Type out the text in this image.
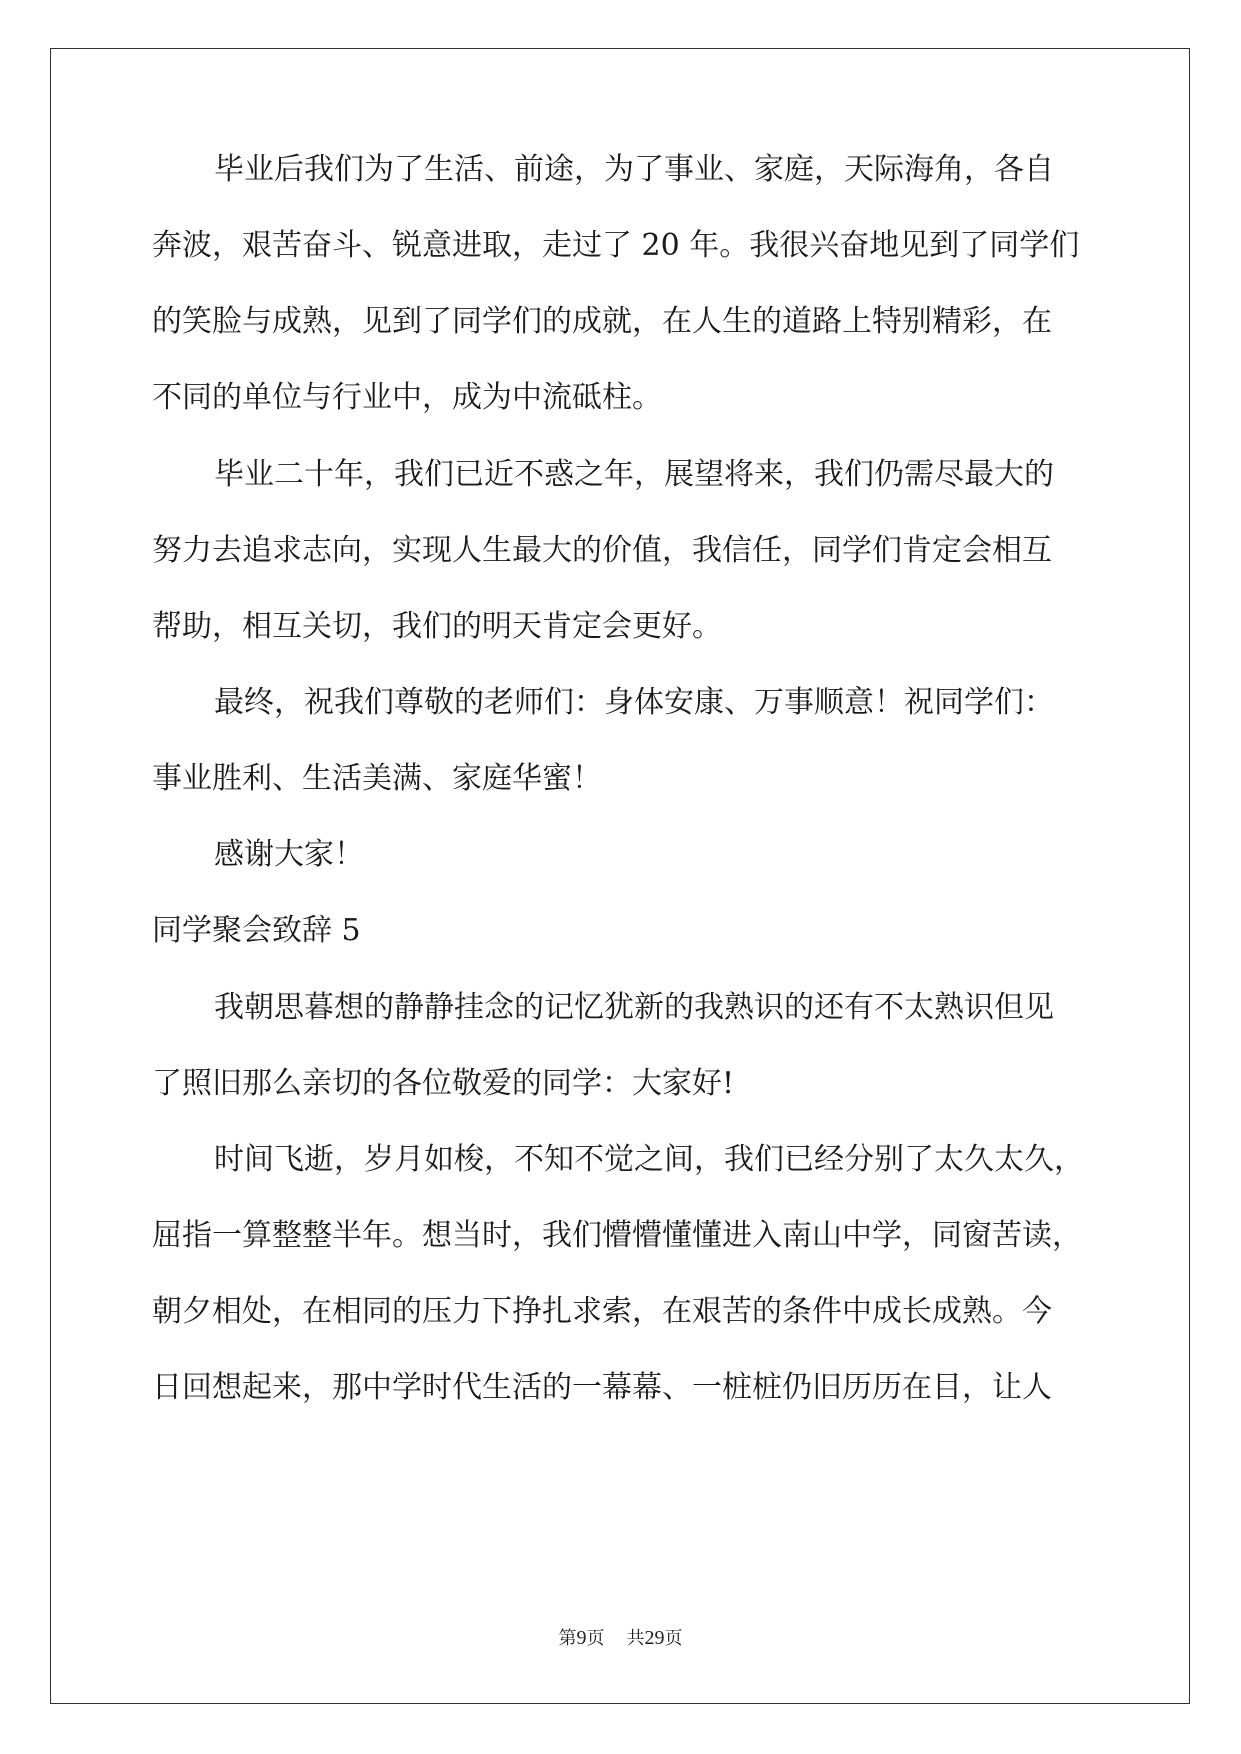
毕业后我们为了生活、前途，为了事业、家庭，天际海角，各自
奔波，艰苦奋斗、锐意进取，走过了 20 年。我很兴奋地见到了同学们
的笑脸与成熟，见到了同学们的成就，在人生的道路上特别精彩，在
不同的单位与行业中，成为中流砥柱。
毕业二十年，我们已近不惑之年，展望将来，我们仍需尽最大的
努力去追求志向，实现人生最大的价值，我信任，同学们肯定会相互
帮助，相互关切，我们的明天肯定会更好。
最终，祝我们尊敬的老师们：身体安康、万事顺意！祝同学们：
事业胜利、生活美满、家庭华蜜！
感谢大家！
同学聚会致辞 5
我朝思暮想的静静挂念的记忆犹新的我熟识的还有不太熟识但见
了照旧那么亲切的各位敬爱的同学：大家好!
时间飞逝，岁月如梭，不知不觉之间，我们已经分别了太久太久，
屈指一算整整半年。想当时，我们懵懵懂懂进入南山中学，同窗苦读，
朝夕相处，在相同的压力下挣扎求索，在艰苦的条件中成长成熟。今
日回想起来，那中学时代生活的一幕幕、一桩桩仍旧历历在目，让人
第9页 共29页
